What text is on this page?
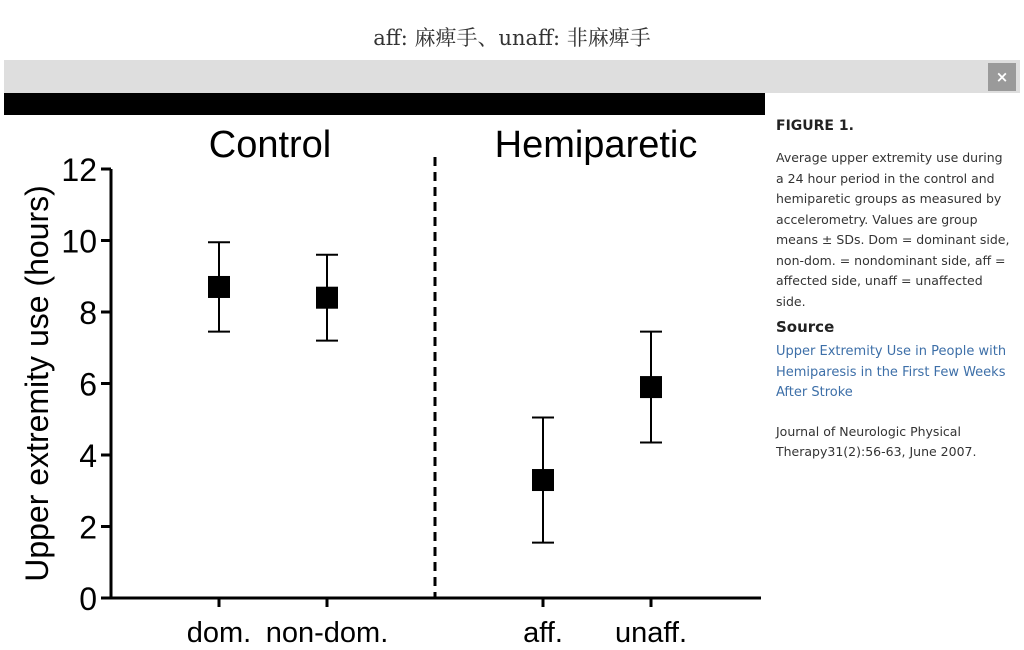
aff: 麻痺手、unaff: 非麻痺手
×
0
2
4
6
8
10
12
dom. non-dom.	aff. unaff.
Upper extremity use (hours)
Control	Hemiparetic	FIGURE 1.

Average upper extremity use during a 24 hour period in the control and hemiparetic groups as measured by accelerometry. Values are group means ± SDs. Dom = dominant side, non-dom. = nondominant side, aff = affected side, unaff = unaffected side.

Source
Upper Extremity Use in People with Hemiparesis in the First Few Weeks After Stroke
Journal of Neurologic Physical Therapy31(2):56-63, June 2007.
